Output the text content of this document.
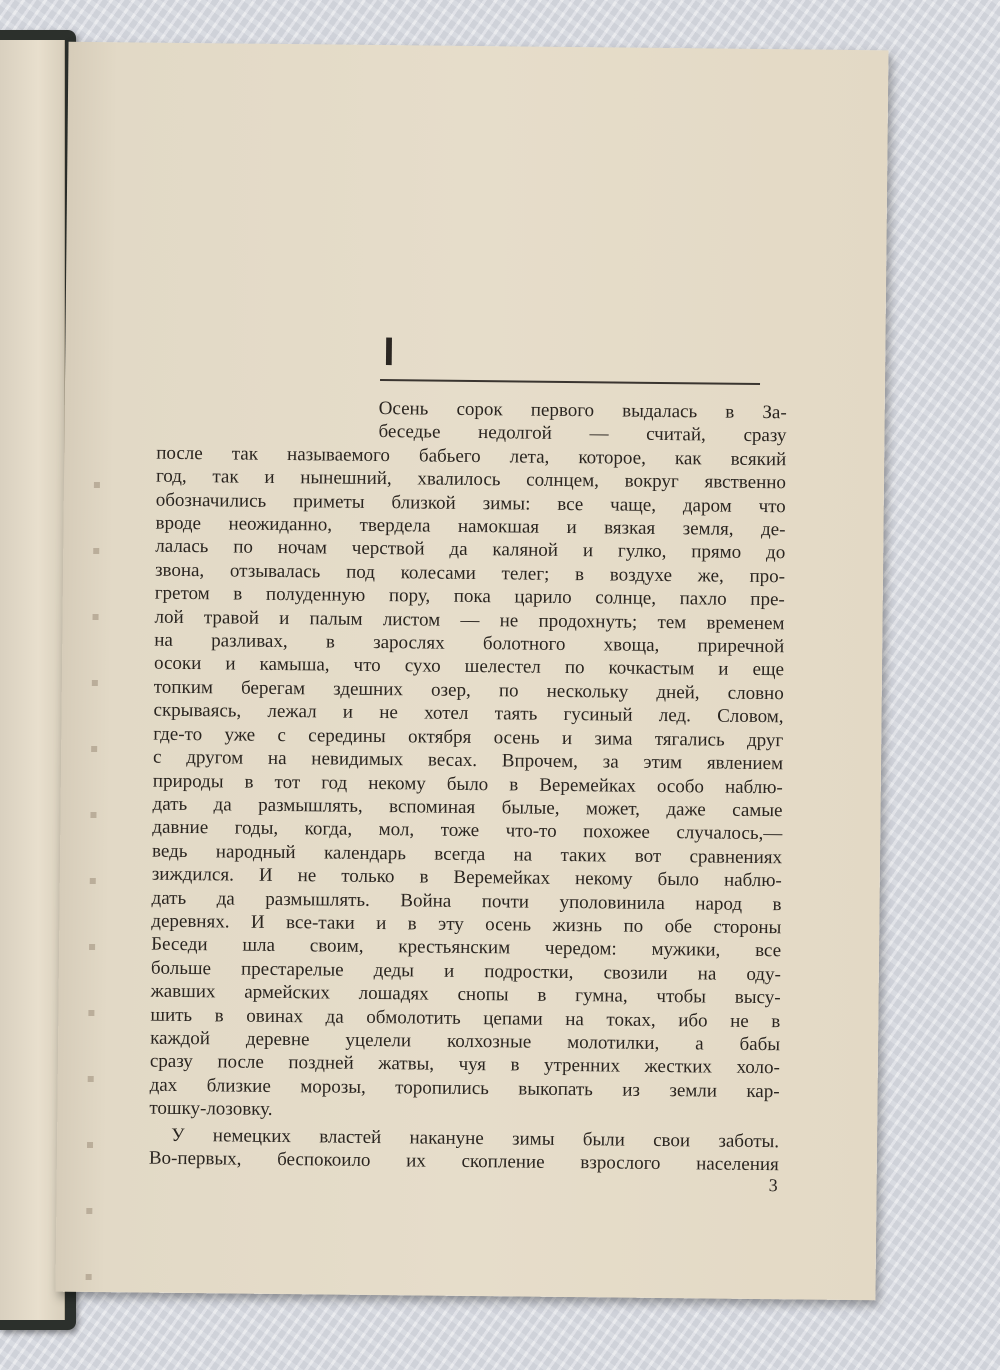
I
Осень сорок первого выдалась в За-
беседье недолгой — считай, сразу
после так называемого бабьего лета, которое, как всякий
год, так и нынешний, хвалилось солнцем, вокруг явственно
обозначились приметы близкой зимы: все чаще, даром что
вроде неожиданно, твердела намокшая и вязкая земля, де-
лалась по ночам черствой да каляной и гулко, прямо до
звона, отзывалась под колесами телег; в воздухе же, про-
гретом в полуденную пору, пока царило солнце, пахло пре-
лой травой и палым листом — не продохнуть; тем временем
на разливах, в зарослях болотного хвоща, приречной
осоки и камыша, что сухо шелестел по кочкастым и еще
топким берегам здешних озер, по нескольку дней, словно
скрываясь, лежал и не хотел таять гусиный лед. Словом,
где-то уже с середины октября осень и зима тягались друг
с другом на невидимых весах. Впрочем, за этим явлением
природы в тот год некому было в Веремейках особо наблю-
дать да размышлять, вспоминая былые, может, даже самые
давние годы, когда, мол, тоже что-то похожее случалось,—
ведь народный календарь всегда на таких вот сравнениях
зиждился. И не только в Веремейках некому было наблю-
дать да размышлять. Война почти уполовинила народ в
деревнях. И все-таки и в эту осень жизнь по обе стороны
Беседи шла своим, крестьянским чередом: мужики, все
больше престарелые деды и подростки, свозили на оду-
жавших армейских лошадях снопы в гумна, чтобы высу-
шить в овинах да обмолотить цепами на токах, ибо не в
каждой деревне уцелели колхозные молотилки, а бабы
сразу после поздней жатвы, чуя в утренних жестких холо-
дах близкие морозы, торопились выкопать из земли кар-
тошку-лозовку.
У немецких властей накануне зимы были свои заботы.
Во-первых, беспокоило их скопление взрослого населения
3
